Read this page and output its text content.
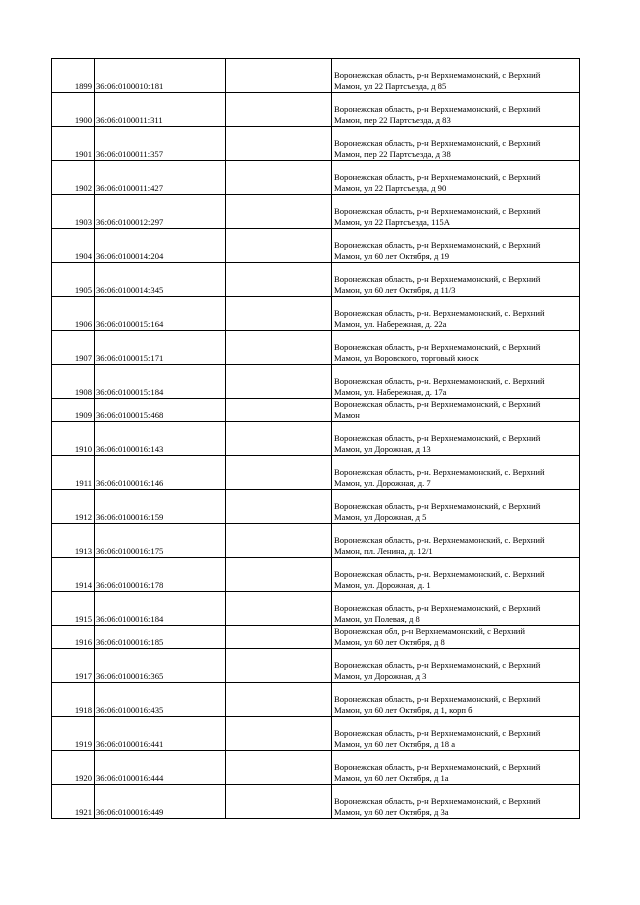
1899	36:06:0100010:181		Воронежская область, р-н Верхнемамонский, с Верхний
Мамон, ул 22 Партсъезда, д 85

1900	36:06:0100011:311		Воронежская область, р-н Верхнемамонский, с Верхний
Мамон, пер 22 Партсъезда, д 83

1901	36:06:0100011:357		Воронежская область, р-н Верхнемамонский, с Верхний
Мамон, пер 22 Партсъезда, д 38

1902	36:06:0100011:427		Воронежская область, р-н Верхнемамонский, с Верхний
Мамон, ул 22 Партсъезда, д 90

1903	36:06:0100012:297		Воронежская область, р-н Верхнемамонский, с Верхний
Мамон, ул 22 Партсъезда, 115А

1904	36:06:0100014:204		Воронежская область, р-н Верхнемамонский, с Верхний
Мамон, ул 60 лет Октября, д 19

1905	36:06:0100014:345		Воронежская область, р-н Верхнемамонский, с Верхний
Мамон, ул 60 лет Октября, д 11/3

1906	36:06:0100015:164		Воронежская область, р-н. Верхнемамонский, с. Верхний
Мамон, ул. Набережная, д. 22а

1907	36:06:0100015:171		Воронежская область, р-н Верхнемамонский, с Верхний
Мамон, ул Воровского, торговый киоск

1908	36:06:0100015:184		Воронежская область, р-н. Верхнемамонский, с. Верхний
Мамон, ул. Набережная, д. 17а

1909	36:06:0100015:468		Воронежская область, р-н Верхнемамонский, с Верхний
Мамон

1910	36:06:0100016:143		Воронежская область, р-н Верхнемамонский, с Верхний
Мамон, ул Дорожная, д 13

1911	36:06:0100016:146		Воронежская область, р-н. Верхнемамонский, с. Верхний
Мамон, ул. Дорожная, д. 7

1912	36:06:0100016:159		Воронежская область, р-н Верхнемамонский, с Верхний
Мамон, ул Дорожная, д 5

1913	36:06:0100016:175		Воронежская область, р-н. Верхнемамонский, с. Верхний
Мамон, пл. Ленина, д. 12/1

1914	36:06:0100016:178		Воронежская область, р-н. Верхнемамонский, с. Верхний
Мамон, ул. Дорожная, д. 1

1915	36:06:0100016:184		Воронежская область, р-н Верхнемамонский, с Верхний
Мамон, ул Полевая, д 8

1916	36:06:0100016:185		Воронежская обл, р-н Верхнемамонский, с Верхний
Мамон, ул 60 лет Октября, д 8

1917	36:06:0100016:365		Воронежская область, р-н Верхнемамонский, с Верхний
Мамон, ул Дорожная, д 3

1918	36:06:0100016:435		Воронежская область, р-н Верхнемамонский, с Верхний
Мамон, ул 60 лет Октября, д 1, корп б

1919	36:06:0100016:441		Воронежская область, р-н Верхнемамонский, с Верхний
Мамон, ул 60 лет Октября, д 18 а

1920	36:06:0100016:444		Воронежская область, р-н Верхнемамонский, с Верхний
Мамон, ул 60 лет Октября, д 1а

1921	36:06:0100016:449		Воронежская область, р-н Верхнемамонский, с Верхний
Мамон, ул 60 лет Октября, д 3а
